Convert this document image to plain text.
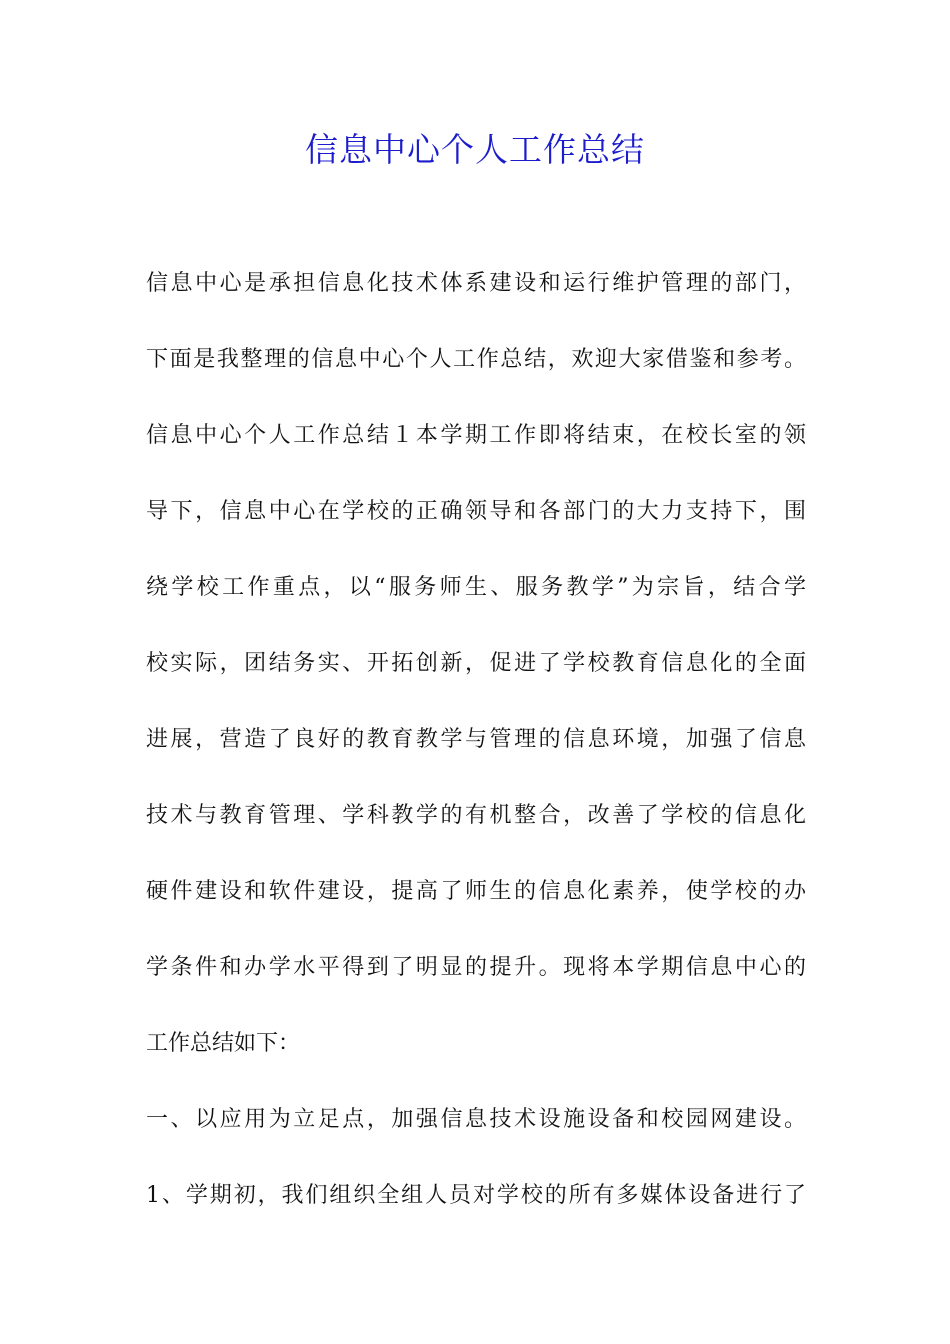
信息中心个人工作总结
信息中心是承担信息化技术体系建设和运行维护管理的部门，
下面是我整理的信息中心个人工作总结，欢迎大家借鉴和参考。
信息中心个人工作总结１本学期工作即将结束，在校长室的领
导下，信息中心在学校的正确领导和各部门的大力支持下，围
绕学校工作重点，以“服务师生、服务教学”为宗旨，结合学
校实际，团结务实、开拓创新，促进了学校教育信息化的全面
进展，营造了良好的教育教学与管理的信息环境，加强了信息
技术与教育管理、学科教学的有机整合，改善了学校的信息化
硬件建设和软件建设，提高了师生的信息化素养，使学校的办
学条件和办学水平得到了明显的提升。现将本学期信息中心的
工作总结如下：
一、以应用为立足点，加强信息技术设施设备和校园网建设。
1、学期初，我们组织全组人员对学校的所有多媒体设备进行了
